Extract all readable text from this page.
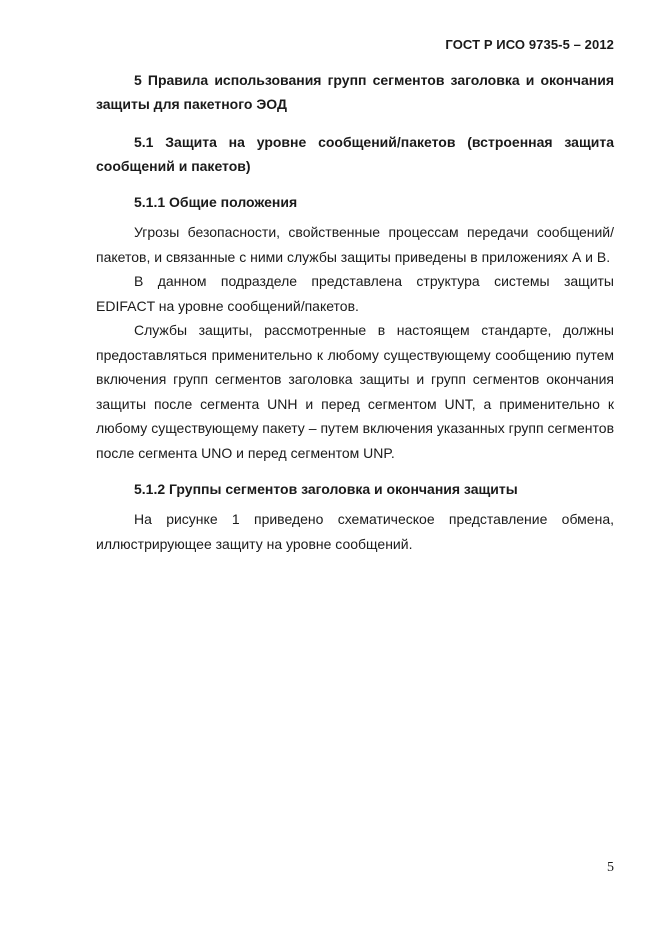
ГОСТ Р ИСО 9735-5 – 2012

5 Правила использования групп сегментов заголовка и окончания защиты для пакетного ЭОД

5.1 Защита на уровне сообщений/пакетов (встроенная защита сообщений и пакетов)

5.1.1 Общие положения

Угрозы безопасности, свойственные процессам передачи сообщений/пакетов, и связанные с ними службы защиты приведены в приложениях А и В.

В данном подразделе представлена структура системы защиты EDIFACT на уровне сообщений/пакетов.

Службы защиты, рассмотренные в настоящем стандарте, должны предоставляться применительно к любому существующему сообщению путем включения групп сегментов заголовка защиты и групп сегментов окончания защиты после сегмента UNH и перед сегментом UNT, а применительно к любому существующему пакету – путем включения указанных групп сегментов после сегмента UNO и перед сегментом UNP.

5.1.2 Группы сегментов заголовка и окончания защиты

На рисунке 1 приведено схематическое представление обмена, иллюстрирующее защиту на уровне сообщений.

5
